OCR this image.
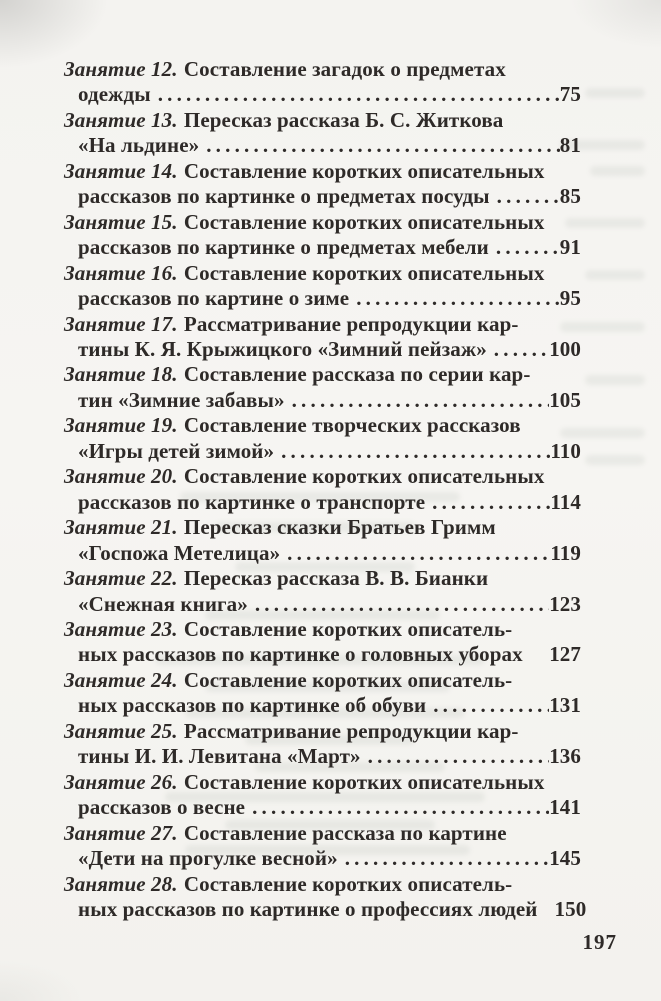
Занятие 12. Составление загадок о предметах
одежды .....	75
Занятие 13. Пересказ рассказа Б. С. Житкова
«На льдине» .....	81
Занятие 14. Составление коротких описательных
рассказов по картинке о предметах посуды .....	85
Занятие 15. Составление коротких описательных
рассказов по картинке о предметах мебели .....	91
Занятие 16. Составление коротких описательных
рассказов по картине о зиме .....	95
Занятие 17. Рассматривание репродукции кар-
тины К. Я. Крыжицкого «Зимний пейзаж» .....	100
Занятие 18. Составление рассказа по серии кар-
тин «Зимние забавы» .....	105
Занятие 19. Составление творческих рассказов
«Игры детей зимой» .....	110
Занятие 20. Составление коротких описательных
рассказов по картинке о транспорте .....	114
Занятие 21. Пересказ сказки Братьев Гримм
«Госпожа Метелица» .....	119
Занятие 22. Пересказ рассказа В. В. Бианки
«Снежная книга» .....	123
Занятие 23. Составление коротких описатель-
ных рассказов по картинке о головных уборах 127
Занятие 24. Составление коротких описатель-
ных рассказов по картинке об обуви .....	131
Занятие 25. Рассматривание репродукции кар-
тины И. И. Левитана «Март» .....	136
Занятие 26. Составление коротких описательных
рассказов о весне .....	141
Занятие 27. Составление рассказа по картине
«Дети на прогулке весной» .....	145
Занятие 28. Составление коротких описатель-
ных рассказов по картинке о профессиях людей 150
197
